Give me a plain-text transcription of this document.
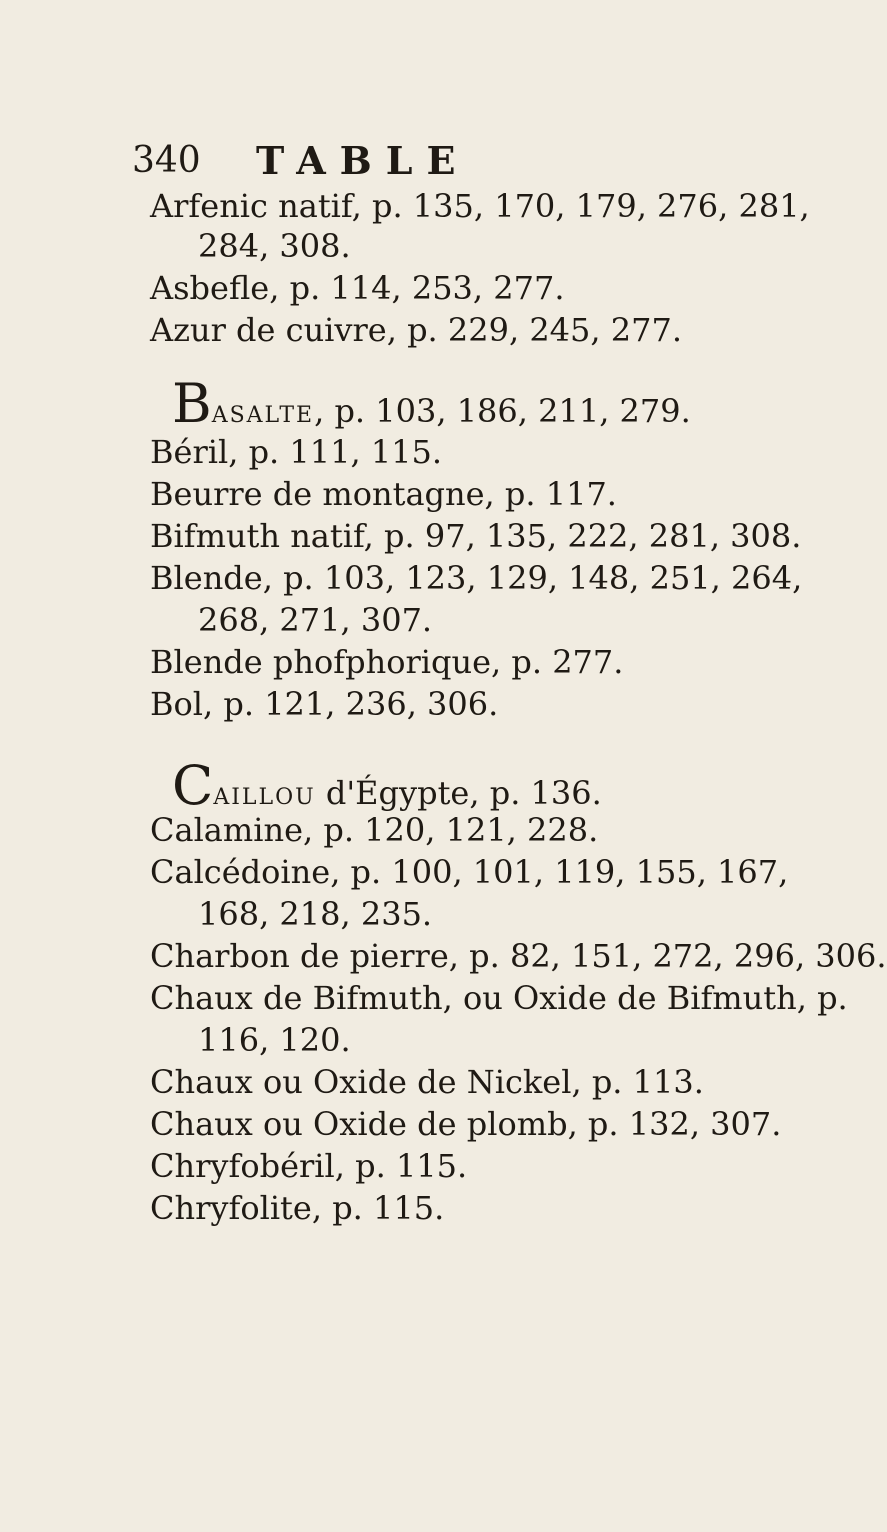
340 TABLE
Arfenic natif, p. 135, 170, 179, 276, 281,
284, 308.
Asbefle, p. 114, 253, 277.
Azur de cuivre, p. 229, 245, 277.
Basalte, p. 103, 186, 211, 279.
Béril, p. 111, 115.
Beurre de montagne, p. 117.
Bifmuth natif, p. 97, 135, 222, 281, 308.
Blende, p. 103, 123, 129, 148, 251, 264,
268, 271, 307.
Blende phofphorique, p. 277.
Bol, p. 121, 236, 306.
Caillou d'Égypte, p. 136.
Calamine, p. 120, 121, 228.
Calcédoine, p. 100, 101, 119, 155, 167,
168, 218, 235.
Charbon de pierre, p. 82, 151, 272, 296, 306.
Chaux de Bifmuth, ou Oxide de Bifmuth, p.
116, 120.
Chaux ou Oxide de Nickel, p. 113.
Chaux ou Oxide de plomb, p. 132, 307.
Chryfobéril, p. 115.
Chryfolite, p. 115.
